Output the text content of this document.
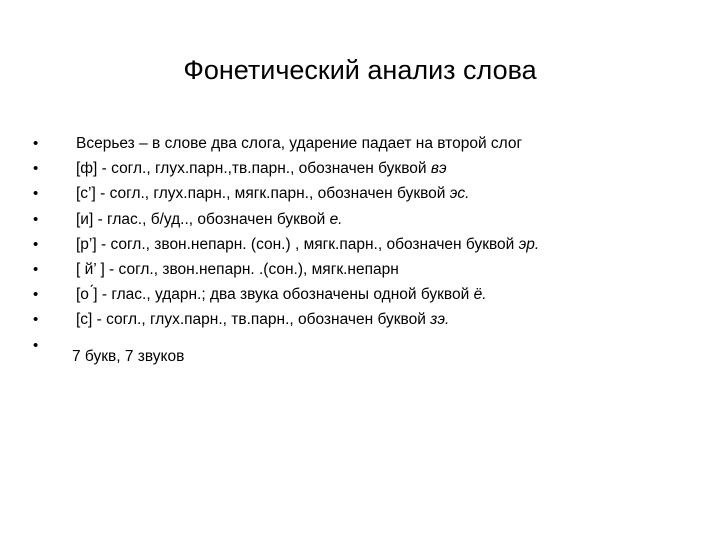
Фонетический анализ слова
•	Всерьез – в слове два слога, ударение падает на второй слог
•	[ф] - согл., глух.парн.,тв.парн., обозначен буквой вэ
•	[с’] - согл., глух.парн., мягк.парн., обозначен буквой эс.
•	[и] - глас., б/уд.., обозначен буквой е.
•	[р’] - согл., звон.непарн. (сон.) , мягк.парн., обозначен буквой эр.
•	[ й’ ] - согл., звон.непарн. .(сон.), мягк.непарн
•	[о ́] - глас., ударн.; два звука обозначены одной буквой ё.
•	[с] - согл., глух.парн., тв.парн., обозначен буквой зэ.
•
7 букв, 7 звуков
